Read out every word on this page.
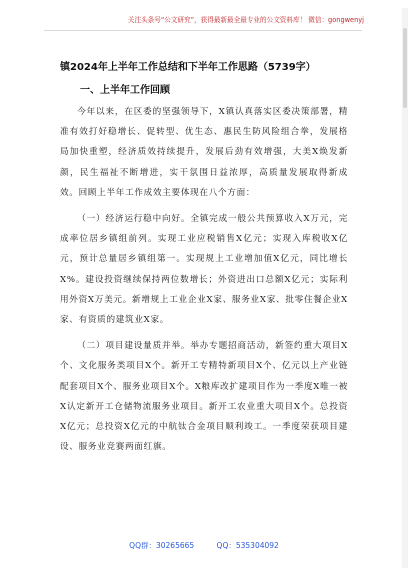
关注头条号“公文研究”，获得最新最全最专业的公文资料库！ 微信：gongwenyj
镇2024年上半年工作总结和下半年工作思路（5739字）
一、上半年工作回顾

今年以来，在区委的坚强领导下，X镇认真落实区委决策部署，精准有效打好稳增长、促转型、优生态、惠民生防风险组合拳，发展格局加快重塑，经济质效持续提升，发展后劲有效增强，大美X焕发新颜，民生福祉不断增进，实干氛围日益浓厚，高质量发展取得新成效。回顾上半年工作成效主要体现在八个方面：

（一）经济运行稳中向好。全镇完成一般公共预算收入X万元，完成率位居乡镇组前列。实现工业应税销售X亿元；实现入库税收X亿元，预计总量居乡镇组第一。实现规上工业增加值X亿元，同比增长X%。建设投资继续保持两位数增长；外资进出口总额X亿元；实际利用外资X万美元。新增规上工业企业X家、服务业X家、批零住餐企业X家、有资质的建筑业X家。

（二）项目建设量质并举。举办专题招商活动，新签约重大项目X个、文化服务类项目X个。新开工专精特新项目X个、亿元以上产业链配套项目X个、服务业项目X个。X粮库改扩建项目作为一季度X唯一被X认定新开工仓储物流服务业项目。新开工农业重大项目X个。总投资X亿元；总投资X亿元的中航钛合金项目顺利竣工。一季度荣获项目建设、服务业竞赛两面红旗。

QQ群：30265665	QQ：535304092
